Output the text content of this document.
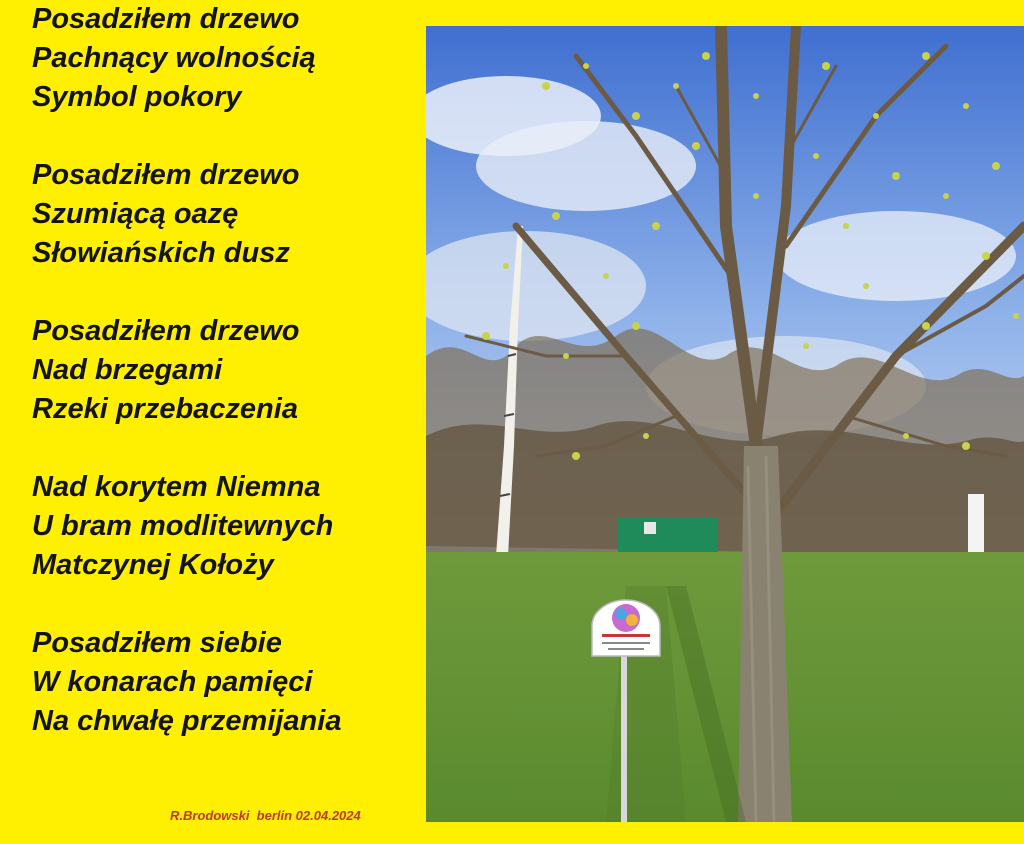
Posadziłem drzewo
Pachnący wolnością
Symbol pokory

Posadziłem drzewo
Szumiącą oazę
Słowiańskich dusz

Posadziłem drzewo
Nad brzegami
Rzeki przebaczenia

Nad korytem Niemna
U bram modlitewnych
Matczynej Kołoży

Posadziłem siebie
W konarach pamięci
Na chwałę przemijania

R.Brodowski  berlin 02.04.2024
